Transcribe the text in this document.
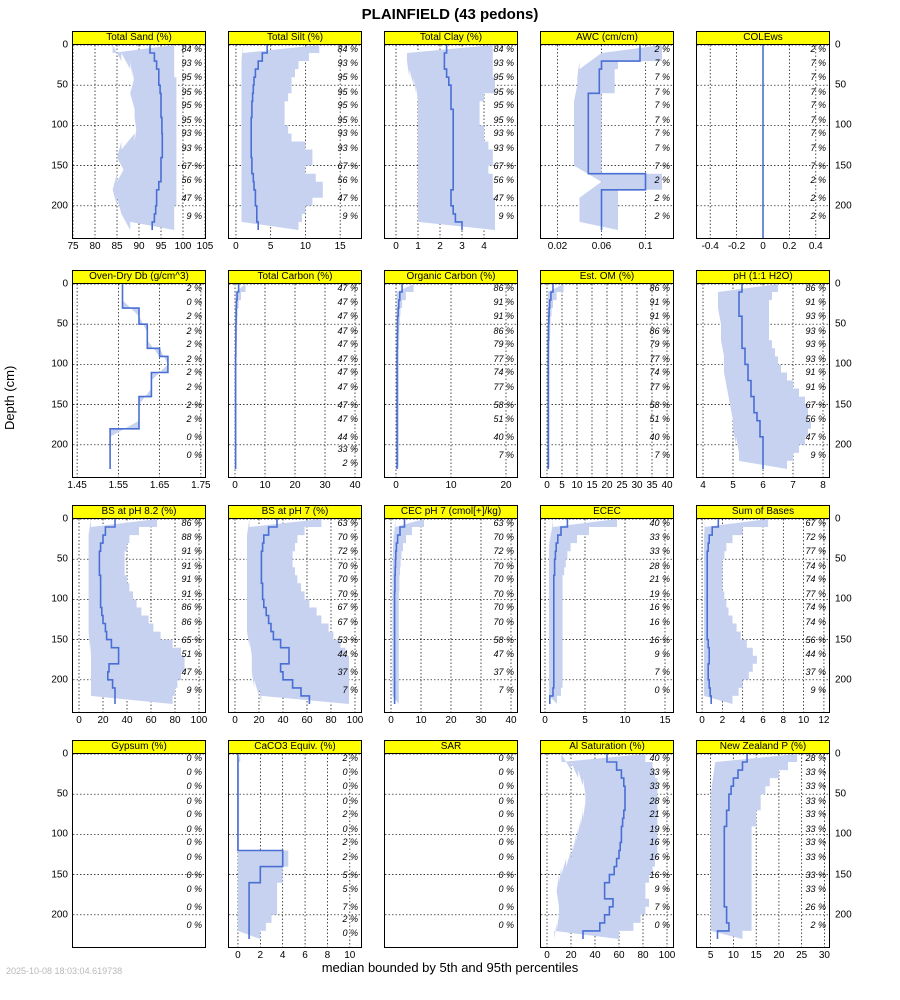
PLAINFIELD (43 pedons)
Depth (cm)
median bounded by 5th and 95th percentiles
2025-10-08 18:03:04.619738
Total Sand (%)
84 %
93 %
95 %
95 %
95 %
95 %
93 %
93 %
67 %
56 %
47 %
9 %
0
50
100
150
200
75 80 85 90 95 100 105
Total Silt (%)
84 %
93 %
95 %
95 %
95 %
95 %
93 %
93 %
67 %
56 %
47 %
9 %
0	5	10 15
Total Clay (%)
84 %
93 %
95 %
95 %
95 %
95 %
93 %
93 %
67 %
56 %
47 %
9 %
0 1 2 3 4
AWC (cm/cm)
2 %
7 %
7 %
7 %
7 %
7 %
7 %
7 %
7 %
2 %
2 %
2 %
0.02 0.06	0.1
COLEws
2 %
7 %
7 %
7 %
7 %
7 %
7 %
7 %
7 %
2 %
2 %
2 %
0
50
100
150
200
-0.4 -0.2 0 0.2 0.4
Oven-Dry Db (g/cm^3)
2 %
0 %
2 %
2 %
2 %
2 %
2 %
2 %
2 %
2 %
0 %
0 %
0
50
100
150
200
1.45 1.55 1.65 1.75
Total Carbon (%)
47 %
47 %
47 %
47 %
47 %
47 %
47 %
47 %
47 %
47 %
44 %
33 %
2 %
0 10 20 30 40
Organic Carbon (%)
86 %
91 %
91 %
86 %
79 %
77 %
74 %
77 %
58 %
51 %
40 %
7 %
0	10	20
Est. OM (%)
86 %
91 %
91 %
86 %
79 %
77 %
74 %
77 %
58 %
51 %
40 %
7 %
0 5 10 15 20 25 30 35 40
pH (1:1 H2O)
86 %
91 %
93 %
93 %
93 %
93 %
91 %
91 %
67 %
56 %
47 %
9 %
0
50
100
150
200
4 5 6 7 8
BS at pH 8.2 (%)
86 %
88 %
91 %
91 %
91 %
91 %
86 %
86 %
65 %
51 %
47 %
9 %
0
50
100
150
200
0 20 40 60 80 100
BS at pH 7 (%)
63 %
70 %
72 %
70 %
70 %
70 %
67 %
67 %
53 %
44 %
37 %
7 %
0 20 40 60 80 100
CEC pH 7 (cmol[+]/kg)
63 %
70 %
72 %
70 %
70 %
70 %
70 %
70 %
58 %
47 %
37 %
7 %
0 10 20 30 40
ECEC
40 %
33 %
33 %
28 %
21 %
19 %
16 %
16 %
16 %
9 %
7 %
0 %
0	5	10	15
Sum of Bases
67 %
72 %
77 %
74 %
74 %
77 %
74 %
74 %
56 %
44 %
37 %
9 %
0
50
100
150
200
0 2 4 6 8 10 12
Gypsum (%)
0 %
0 %
0 %
0 %
0 %
0 %
0 %
0 %
0 %
0 %
0 %
0 %
0
50
100
150
200
CaCO3 Equiv. (%)
2 %
0 %
0 %
0 %
2 %
0 %
2 %
2 %
5 %
5 %
7 %
2 %
0 %
0 2 4 6 8 10
SAR
0 %
0 %
0 %
0 %
0 %
0 %
0 %
0 %
0 %
0 %
0 %
0 %
Al Saturation (%)
40 %
33 %
33 %
28 %
21 %
19 %
16 %
16 %
16 %
9 %
7 %
0 %
0 20 40 60 80 100
New Zealand P (%)
28 %
33 %
33 %
33 %
33 %
33 %
33 %
33 %
33 %
33 %
26 %
2 %
0
50
100
150
200
5 10 15 20 25 30
